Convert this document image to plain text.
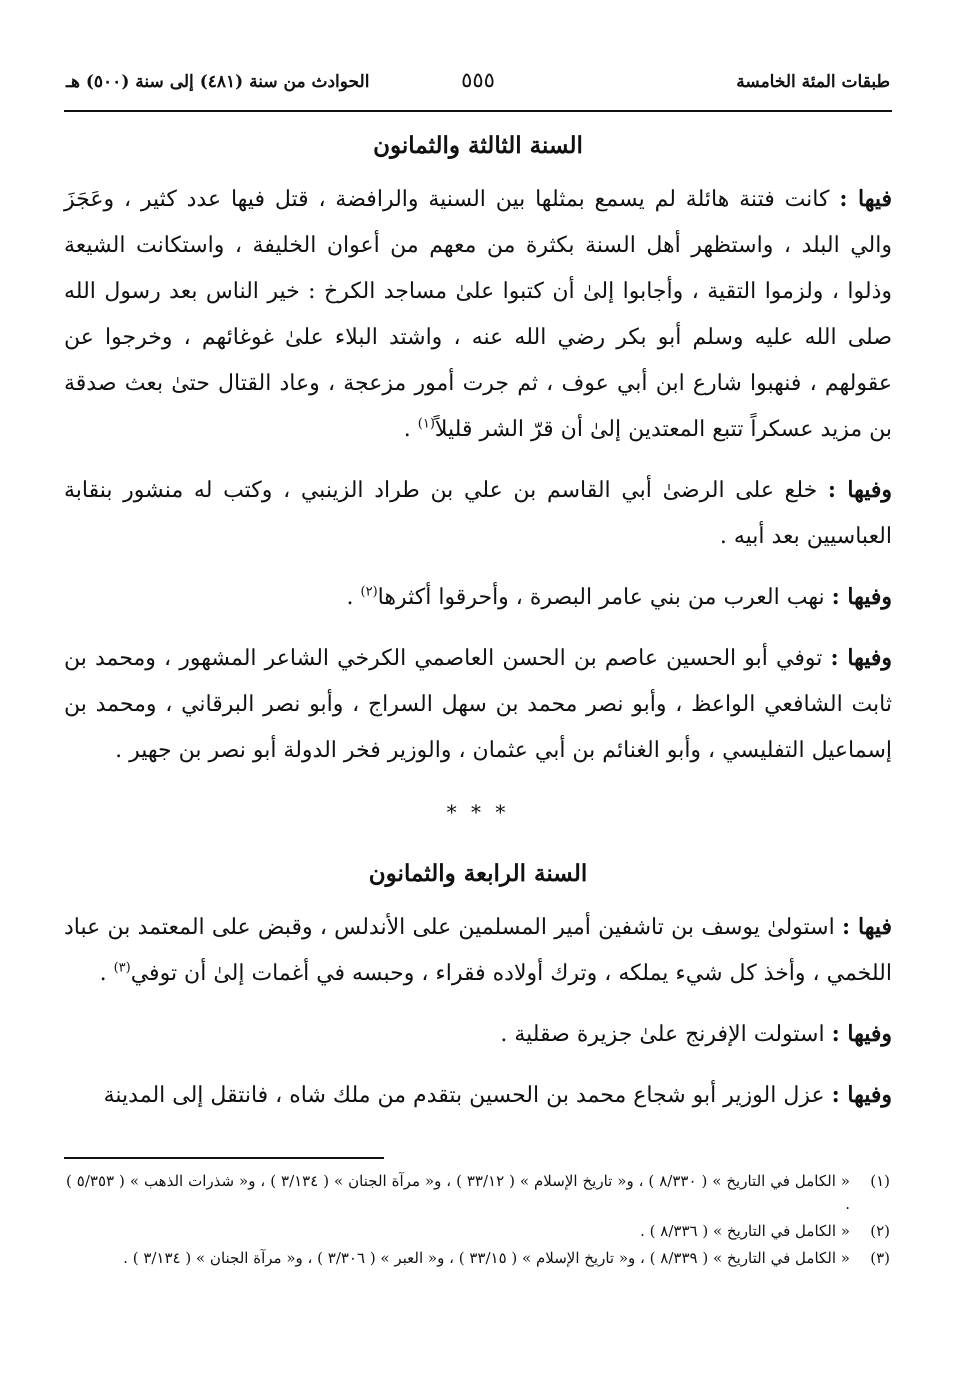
طبقات المئة الخامسة
٥٥٥
الحوادث من سنة (٤٨١) إلى سنة (٥٠٠) هـ
السنة الثالثة والثمانون

فيها : كانت فتنة هائلة لم يسمع بمثلها بين السنية والرافضة ، قتل فيها عدد كثير ، وعَجَزَ والي البلد ، واستظهر أهل السنة بكثرة من معهم من أعوان الخليفة ، واستكانت الشيعة وذلوا ، ولزموا التقية ، وأجابوا إلىٰ أن كتبوا علىٰ مساجد الكرخ : خير الناس بعد رسول الله صلى الله عليه وسلم أبو بكر رضي الله عنه ، واشتد البلاء علىٰ غوغائهم ، وخرجوا عن عقولهم ، فنهبوا شارع ابن أبي عوف ، ثم جرت أمور مزعجة ، وعاد القتال حتىٰ بعث صدقة بن مزيد عسكراً تتبع المعتدين إلىٰ أن قرّ الشر قليلاً$^{(١)}$ .

وفيها : خلع على الرضىٰ أبي القاسم بن علي بن طراد الزينبي ، وكتب له منشور بنقابة العباسيين بعد أبيه .

وفيها : نهب العرب من بني عامر البصرة ، وأحرقوا أكثرها$^{(٢)}$ .

وفيها : توفي أبو الحسين عاصم بن الحسن العاصمي الكرخي الشاعر المشهور ، ومحمد بن ثابت الشافعي الواعظ ، وأبو نصر محمد بن سهل السراج ، وأبو نصر البرقاني ، ومحمد بن إسماعيل التفليسي ، وأبو الغنائم بن أبي عثمان ، والوزير فخر الدولة أبو نصر بن جهير .

* * *
السنة الرابعة والثمانون

فيها : استولىٰ يوسف بن تاشفين أمير المسلمين على الأندلس ، وقبض على المعتمد بن عباد اللخمي ، وأخذ كل شيء يملكه ، وترك أولاده فقراء ، وحبسه في أغمات إلىٰ أن توفي$^{(٣)}$ .

وفيها : استولت الإفرنج علىٰ جزيرة صقلية .

وفيها : عزل الوزير أبو شجاع محمد بن الحسين بتقدم من ملك شاه ، فانتقل إلى المدينة

(١)
« الكامل في التاريخ » ( ٨/٣٣٠ ) ، و« تاريخ الإسلام » ( ٣٣/١٢ ) ، و« مرآة الجنان » ( ٣/١٣٤ ) ، و« شذرات الذهب » ( ٥/٣٥٣ ) .
(٢)
« الكامل في التاريخ » ( ٨/٣٣٦ ) .
(٣)
« الكامل في التاريخ » ( ٨/٣٣٩ ) ، و« تاريخ الإسلام » ( ٣٣/١٥ ) ، و« العبر » ( ٣/٣٠٦ ) ، و« مرآة الجنان » ( ٣/١٣٤ ) .
